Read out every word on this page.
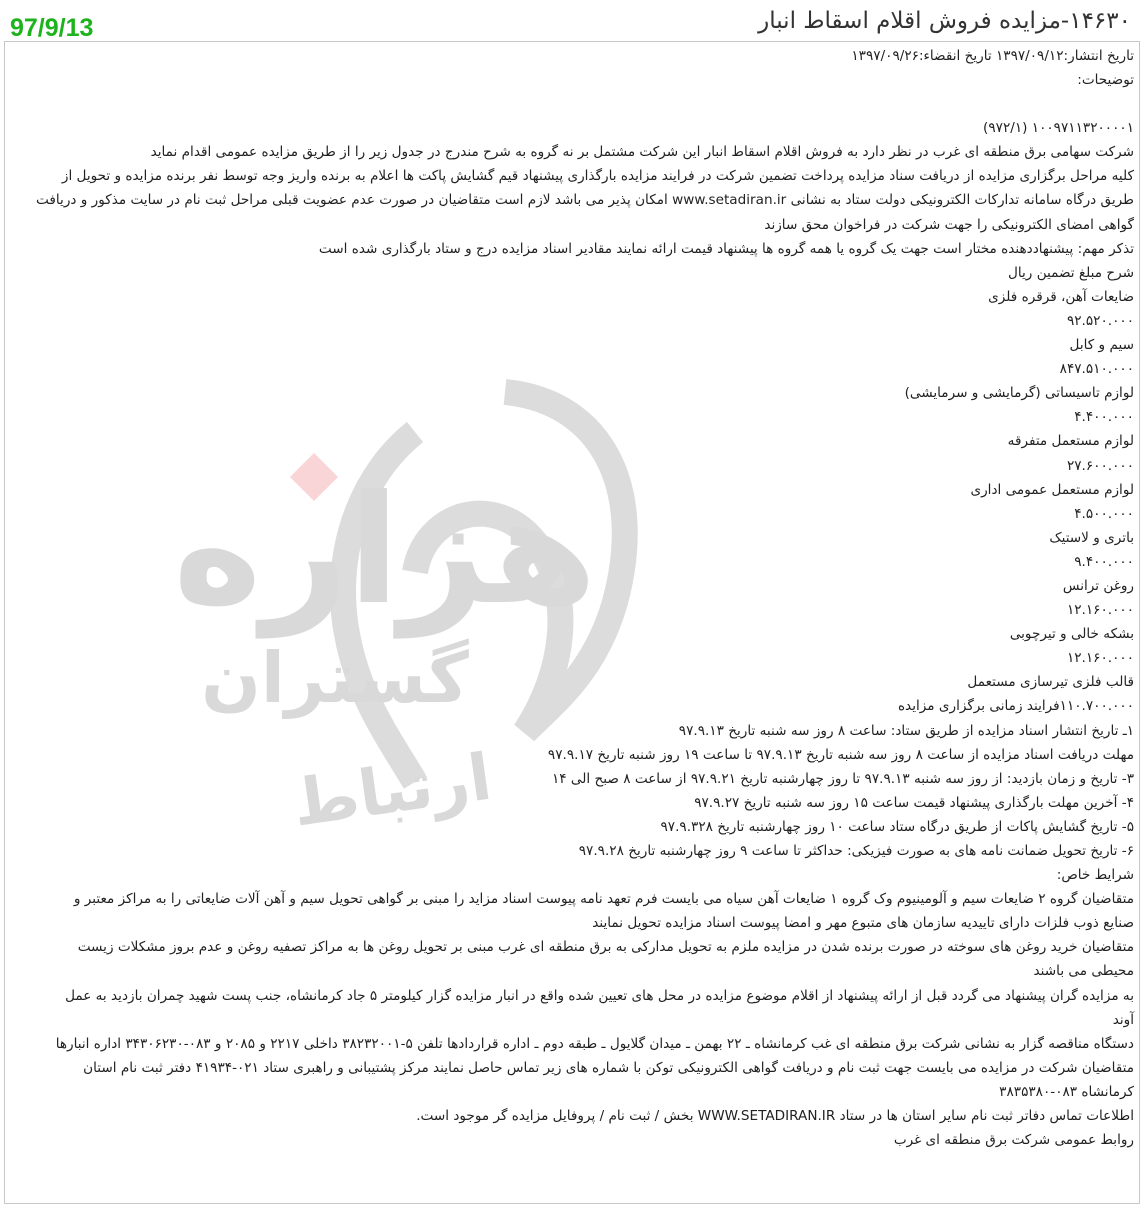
97/9/13	۱۴۶۳۰-مزایده فروش اقلام اسقاط انبار
هزاره
گستران
ارتباط

تاریخ انتشار:۱۳۹۷/۰۹/۱۲ تاریخ انقضاء:۱۳۹۷/۰۹/۲۶

توضیحات:

۱۰۰۹۷۱۱۳۲۰۰۰۰۱ (۹۷۲/۱)

شرکت سهامی برق منطقه ای غرب در نظر دارد به فروش اقلام اسقاط انبار این شرکت مشتمل بر نه گروه به شرح مندرج در جدول زیر را از طریق مزایده عمومی اقدام نماید

کلیه مراحل برگزاری مزایده از دریافت سناد مزایده پرداخت تضمین شرکت در فرایند مزایده بارگذاری پیشنهاد قیم گشایش پاکت ها اعلام به برنده واریز وجه توسط نفر برنده مزایده و تحویل از

طریق درگاه سامانه تدارکات الکترونیکی دولت ستاد به نشانی www.setadiran.ir امکان پذیر می باشد لازم است متقاضیان در صورت عدم عضویت قبلی مراحل ثبت نام در سایت مذکور و دریافت

گواهی امضای الکترونیکی را جهت شرکت در فراخوان محق سازند

تذکر مهم: پیشنهاددهنده مختار است جهت یک گروه یا همه گروه ها پیشنهاد قیمت ارائه نمایند مقادیر اسناد مزایده درج و ستاد بارگذاری شده است

شرح مبلغ تضمین ریال

ضایعات آهن، قرقره فلزی

۹۲.۵۲۰.۰۰۰

سیم و کابل

۸۴۷.۵۱۰.۰۰۰

لوازم تاسیساتی (گرمایشی و سرمایشی)

۴.۴۰۰.۰۰۰

لوازم مستعمل متفرقه

۲۷.۶۰۰.۰۰۰

لوازم مستعمل عمومی اداری

۴.۵۰۰.۰۰۰

باتری و لاستیک

۹.۴۰۰.۰۰۰

روغن ترانس

۱۲.۱۶۰.۰۰۰

بشکه خالی و تیرچوبی

۱۲.۱۶۰.۰۰۰

قالب فلزی تیرسازی مستعمل

۱۱۰.۷۰۰.۰۰۰فرایند زمانی برگزاری مزایده

۱ـ تاریخ انتشار اسناد مزایده از طریق ستاد: ساعت ۸ روز سه شنبه تاریخ ۹۷.۹.۱۳

مهلت دریافت اسناد مزایده از ساعت ۸ روز سه شنبه تاریخ ۹۷.۹.۱۳ تا ساعت ۱۹ روز شنبه تاریخ ۹۷.۹.۱۷

۳- تاریخ و زمان بازدید: از روز سه شنبه ۹۷.۹.۱۳ تا روز چهارشنبه تاریخ ۹۷.۹.۲۱ از ساعت ۸ صبح الی ۱۴

۴- آخرین مهلت بارگذاری پیشنهاد قیمت ساعت ۱۵ روز سه شنبه تاریخ ۹۷.۹.۲۷

۵- تاریخ گشایش پاکات از طریق درگاه ستاد ساعت ۱۰ روز چهارشنبه تاریخ ۹۷.۹.۳۲۸

۶- تاریخ تحویل ضمانت نامه های به صورت فیزیکی: حداکثر تا ساعت ۹ روز چهارشنبه تاریخ ۹۷.۹.۲۸

شرایط خاص:

متقاضیان گروه ۲ ضایعات سیم و آلومینیوم وک گروه ۱ ضایعات آهن سیاه می بایست فرم تعهد نامه پیوست اسناد مزاید را مبنی بر گواهی تحویل سیم و آهن آلات ضایعاتی را به مراکز معتبر و

صنایع ذوب فلزات دارای تاییدیه سازمان های متبوع مهر و امضا پیوست اسناد مزایده تحویل نمایند

متقاضیان خرید روغن های سوخته در صورت برنده شدن در مزایده ملزم به تحویل مدارکی به برق منطقه ای غرب مبنی بر تحویل روغن ها به مراکز تصفیه روغن و عدم بروز مشکلات زیست

محیطی می باشند

به مزایده گران پیشنهاد می گردد قبل از ارائه پیشنهاد از اقلام موضوع مزایده در محل های تعیین شده واقع در انبار مزایده گزار کیلومتر ۵ جاد کرمانشاه، جنب پست شهید چمران بازدید به عمل

آوند

دستگاه مناقصه گزار به نشانی شرکت برق منطقه ای غب کرمانشاه ـ ۲۲ بهمن ـ میدان گلایول ـ طبقه دوم ـ اداره قراردادها تلفن ۵-۳۸۲۳۲۰۰۱ داخلی ۲۲۱۷ و ۲۰۸۵ و ۰۸۳-۳۴۳۰۶۲۳۰ اداره انبارها

متقاضیان شرکت در مزایده می بایست جهت ثبت نام و دریافت گواهی الکترونیکی توکن با شماره های زیر تماس حاصل نمایند مرکز پشتیبانی و راهبری ستاد ۰۲۱-۴۱۹۳۴ دفتر ثبت نام استان

کرمانشاه ۰۸۳-۳۸۳۵۳۸۰

اطلاعات تماس دفاتر ثبت نام سایر استان ها در ستاد WWW.SETADIRAN.IR بخش / ثبت نام / پروفایل مزایده گر موجود است.

روابط عمومی شرکت برق منطقه ای غرب
